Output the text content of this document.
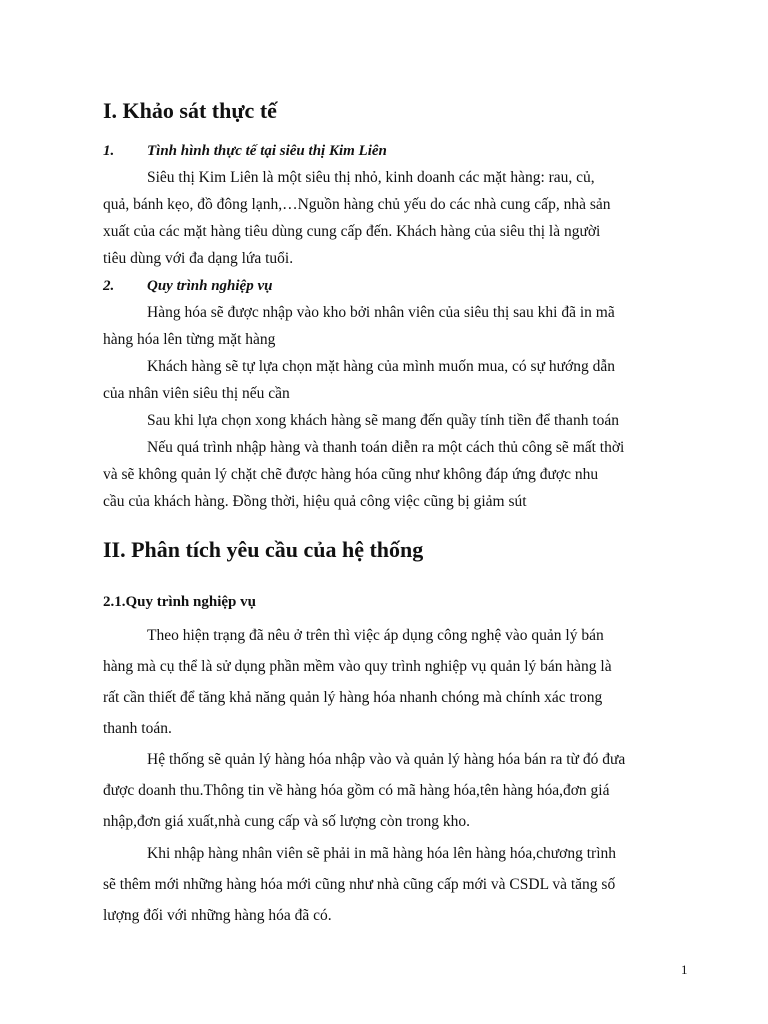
I. Khảo sát thực tế
1. Tình hình thực tế tại siêu thị Kim Liên
Siêu thị Kim Liên là một siêu thị nhỏ, kinh doanh các mặt hàng: rau, củ,
quả, bánh kẹo, đồ đông lạnh,…Nguồn hàng chủ yếu do các nhà cung cấp, nhà sản
xuất của các mặt hàng tiêu dùng cung cấp đến. Khách hàng của siêu thị là người
tiêu dùng với đa dạng lứa tuổi.
2. Quy trình nghiệp vụ
Hàng hóa sẽ được nhập vào kho bởi nhân viên của siêu thị sau khi đã in mã
hàng hóa lên từng mặt hàng
Khách hàng sẽ tự lựa chọn mặt hàng của mình muốn mua, có sự hướng dẫn
của nhân viên siêu thị nếu cần
Sau khi lựa chọn xong khách hàng sẽ mang đến quầy tính tiền để thanh toán
Nếu quá trình nhập hàng và thanh toán diễn ra một cách thủ công sẽ mất thời
và sẽ không quản lý chặt chẽ được hàng hóa cũng như không đáp ứng được nhu
cầu của khách hàng. Đồng thời, hiệu quả công việc cũng bị giảm sút
II. Phân tích yêu cầu của hệ thống
2.1.Quy trình nghiệp vụ
Theo hiện trạng đã nêu ở trên thì việc áp dụng công nghệ vào quản lý bán
hàng mà cụ thể là sử dụng phần mềm vào quy trình nghiệp vụ quản lý bán hàng là
rất cần thiết để tăng khả năng quản lý hàng hóa nhanh chóng mà chính xác trong
thanh toán.
Hệ thống sẽ quản lý hàng hóa nhập vào và quản lý hàng hóa bán ra từ đó đưa
được doanh thu.Thông tin về hàng hóa gồm có mã hàng hóa,tên hàng hóa,đơn giá
nhập,đơn giá xuất,nhà cung cấp và số lượng còn trong kho.
Khi nhập hàng nhân viên sẽ phải in mã hàng hóa lên hàng hóa,chương trình
sẽ thêm mới những hàng hóa mới cũng như nhà cũng cấp mới và CSDL và tăng số
lượng đối với những hàng hóa đã có.
1
